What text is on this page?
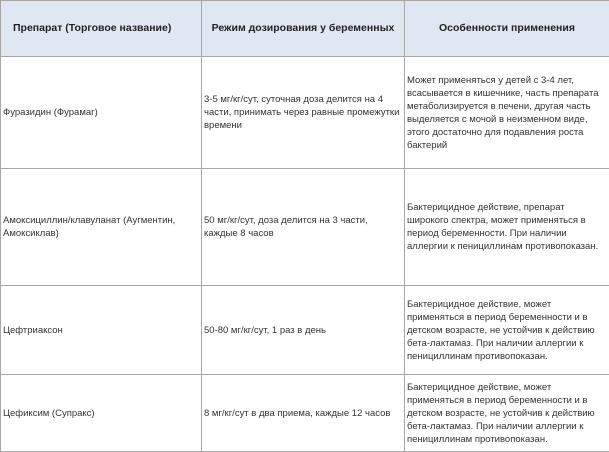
Препарат (Торговое название)	Режим дозирования у беременных	Особенности применения
Фуразидин (Фурамаг)	3-5 мг/кг/сут, суточная доза делится на 4 части, принимать через равные промежутки времени	Может применяться у детей с 3-4 лет, всасывается в кишечнике, часть препарата метаболизируется в печени, другая часть выделяется с мочой в неизменном виде, этого достаточно для подавления роста бактерий
Амоксициллин/клавуланат (Аугментин, Амоксиклав)	50 мг/кг/сут, доза делится на 3 части, каждые 8 часов	Бактерицидное действие, препарат широкого спектра, может применяться в период беременности. При наличии аллергии к пенициллинам противопоказан.
Цефтриаксон	50-80 мг/кг/сут, 1 раз в день	Бактерицидное действие, может применяться в период беременности и в детском возрасте, не устойчив к действию бета-лактамаз. При наличии аллергии к пенициллинам противопоказан.
Цефиксим (Супракс)	8 мг/кг/сут в два приема, каждые 12 часов	Бактерицидное действие, может применяться в период беременности и в детском возрасте, не устойчив к действию бета-лактамаз. При наличии аллергии к пенициллинам противопоказан.
